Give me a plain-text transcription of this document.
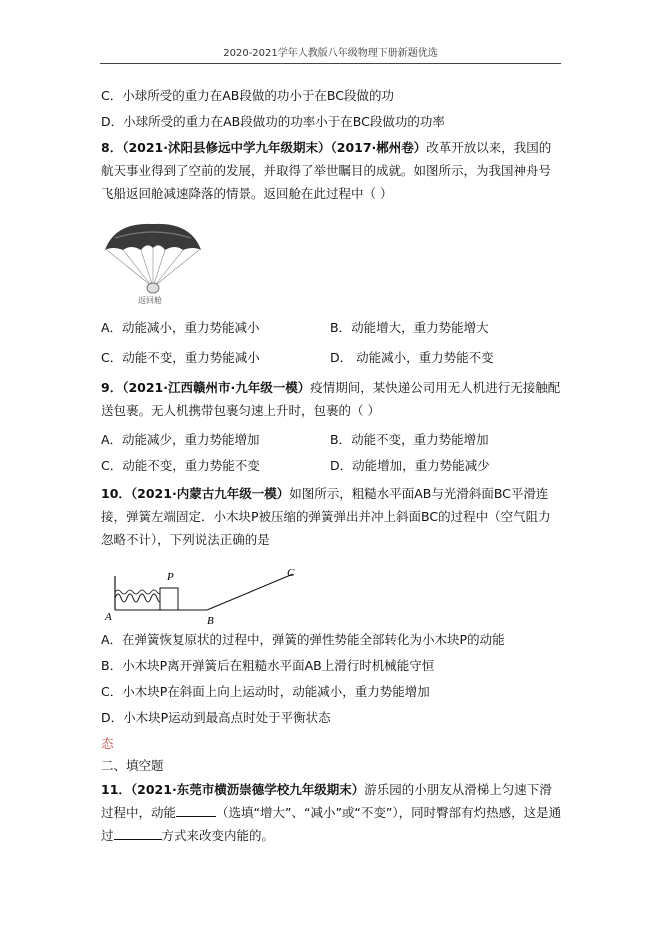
2020-2021学年人教版八年级物理下册新题优选
C．小球所受的重力在AB段做的功小于在BC段做的功
D．小球所受的重力在AB段做功的功率小于在BC段做功的功率
8．（2021·沭阳县修远中学九年级期末）（2017·郴州卷）改革开放以来，我国的航天事业得到了空前的发展，并取得了举世瞩目的成就。如图所示，为我国神舟号飞船返回舱减速降落的情景。返回舱在此过程中（ ）
返回舱
A．动能减小，重力势能减小	B．动能增大，重力势能增大
C．动能不变，重力势能减小	D． 动能减小，重力势能不变
9．（2021·江西赣州市·九年级一模）疫情期间，某快递公司用无人机进行无接触配送包裹。无人机携带包裹匀速上升时，包裹的（ ）
A．动能减少，重力势能增加	B．动能不变，重力势能增加
C．动能不变，重力势能不变	D．动能增加，重力势能减少
10．（2021·内蒙古九年级一模）如图所示，粗糙水平面AB与光滑斜面BC平滑连接，弹簧左端固定．小木块P被压缩的弹簧弹出并冲上斜面BC的过程中（空气阻力忽略不计），下列说法正确的是
A	B
C
P
A．在弹簧恢复原状的过程中，弹簧的弹性势能全部转化为小木块P的动能
B．小木块P离开弹簧后在粗糙水平面AB上滑行时机械能守恒
C．小木块P在斜面上向上运动时，动能减小，重力势能增加
D．小木块P运动到最高点时处于平衡状态
态
二、填空题
11．（2021·东莞市横沥崇德学校九年级期末）游乐园的小朋友从滑梯上匀速下滑过程中，动能	（选填“增大”、“减小”或“不变”），同时臀部有灼热感，这是通过	方式来改变内能的。
